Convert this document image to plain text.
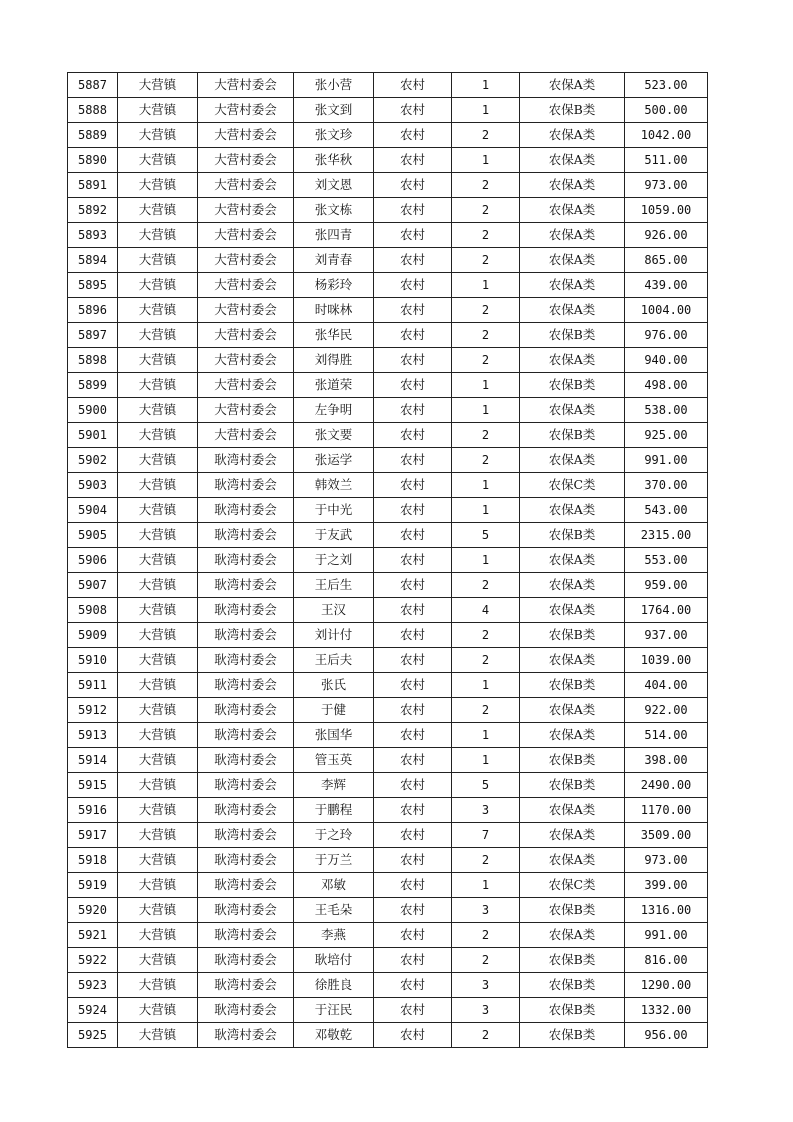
5887	大营镇	大营村委会	张小营	农村	1	农保A类	523.00
5888	大营镇	大营村委会	张文到	农村	1	农保B类	500.00
5889	大营镇	大营村委会	张文珍	农村	2	农保A类	1042.00
5890	大营镇	大营村委会	张华秋	农村	1	农保A类	511.00
5891	大营镇	大营村委会	刘文恩	农村	2	农保A类	973.00
5892	大营镇	大营村委会	张文栋	农村	2	农保A类	1059.00
5893	大营镇	大营村委会	张四青	农村	2	农保A类	926.00
5894	大营镇	大营村委会	刘青春	农村	2	农保A类	865.00
5895	大营镇	大营村委会	杨彩玲	农村	1	农保A类	439.00
5896	大营镇	大营村委会	时咪林	农村	2	农保A类	1004.00
5897	大营镇	大营村委会	张华民	农村	2	农保B类	976.00
5898	大营镇	大营村委会	刘得胜	农村	2	农保A类	940.00
5899	大营镇	大营村委会	张道荣	农村	1	农保B类	498.00
5900	大营镇	大营村委会	左争明	农村	1	农保A类	538.00
5901	大营镇	大营村委会	张文要	农村	2	农保B类	925.00
5902	大营镇	耿湾村委会	张运学	农村	2	农保A类	991.00
5903	大营镇	耿湾村委会	韩效兰	农村	1	农保C类	370.00
5904	大营镇	耿湾村委会	于中光	农村	1	农保A类	543.00
5905	大营镇	耿湾村委会	于友武	农村	5	农保B类	2315.00
5906	大营镇	耿湾村委会	于之刘	农村	1	农保A类	553.00
5907	大营镇	耿湾村委会	王后生	农村	2	农保A类	959.00
5908	大营镇	耿湾村委会	王汉	农村	4	农保A类	1764.00
5909	大营镇	耿湾村委会	刘计付	农村	2	农保B类	937.00
5910	大营镇	耿湾村委会	王后夫	农村	2	农保A类	1039.00
5911	大营镇	耿湾村委会	张氏	农村	1	农保B类	404.00
5912	大营镇	耿湾村委会	于健	农村	2	农保A类	922.00
5913	大营镇	耿湾村委会	张国华	农村	1	农保A类	514.00
5914	大营镇	耿湾村委会	管玉英	农村	1	农保B类	398.00
5915	大营镇	耿湾村委会	李辉	农村	5	农保B类	2490.00
5916	大营镇	耿湾村委会	于鹏程	农村	3	农保A类	1170.00
5917	大营镇	耿湾村委会	于之玲	农村	7	农保A类	3509.00
5918	大营镇	耿湾村委会	于万兰	农村	2	农保A类	973.00
5919	大营镇	耿湾村委会	邓敏	农村	1	农保C类	399.00
5920	大营镇	耿湾村委会	王毛朵	农村	3	农保B类	1316.00
5921	大营镇	耿湾村委会	李燕	农村	2	农保A类	991.00
5922	大营镇	耿湾村委会	耿培付	农村	2	农保B类	816.00
5923	大营镇	耿湾村委会	徐胜良	农村	3	农保B类	1290.00
5924	大营镇	耿湾村委会	于汪民	农村	3	农保B类	1332.00
5925	大营镇	耿湾村委会	邓敬乾	农村	2	农保B类	956.00
